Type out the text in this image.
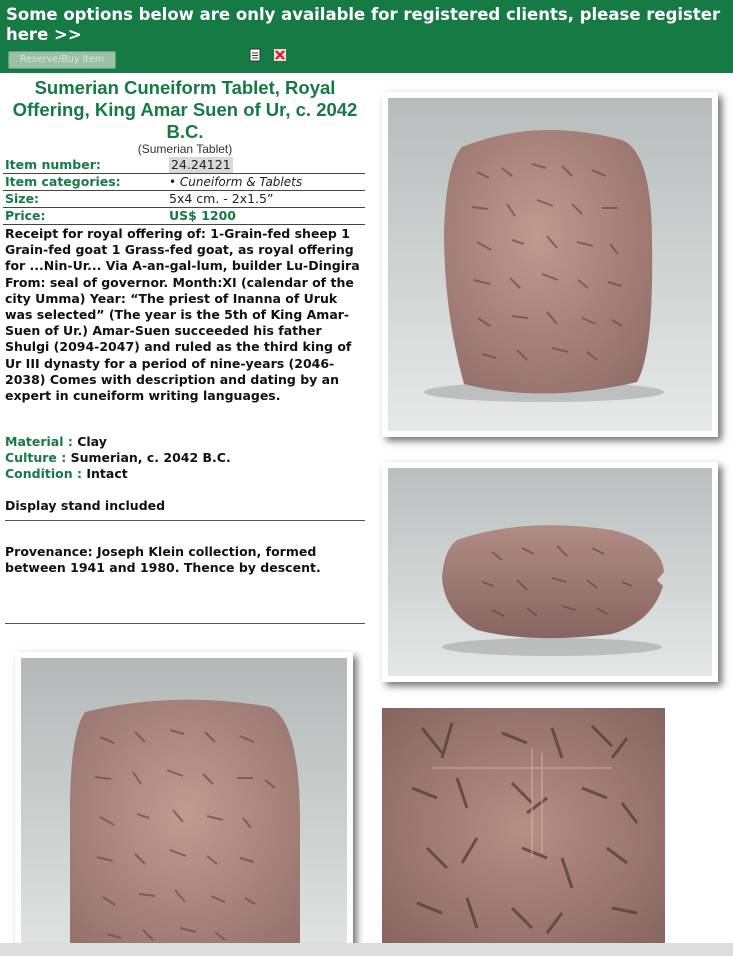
Some options below are only available for registered clients, please register here >>
Reserve/Buy Item
Sumerian Cuneiform Tablet, Royal Offering, King Amar Suen of Ur, c. 2042 B.C.
(Sumerian Tablet)
Item number:	24.24121
Item categories:	• Cuneiform & Tablets
Size:	5x4 cm. - 2x1.5”
Price:	US$ 1200
Receipt for royal offering of: 1-Grain-fed sheep 1 Grain-fed goat 1 Grass-fed goat, as royal offering for ...Nin-Ur... Via A-an-gal-lum, builder Lu-Dingira From: seal of governor. Month:XI (calendar of the city Umma) Year: “The priest of Inanna of Uruk was selected” (The year is the 5th of King Amar-Suen of Ur.) Amar-Suen succeeded his father Shulgi (2094-2047) and ruled as the third king of Ur III dynasty for a period of nine-years (2046-2038) Comes with description and dating by an expert in cuneiform writing languages.
Material : Clay
Culture : Sumerian, c. 2042 B.C.
Condition : Intact
Display stand included
Provenance: Joseph Klein collection, formed between 1941 and 1980. Thence by descent.
